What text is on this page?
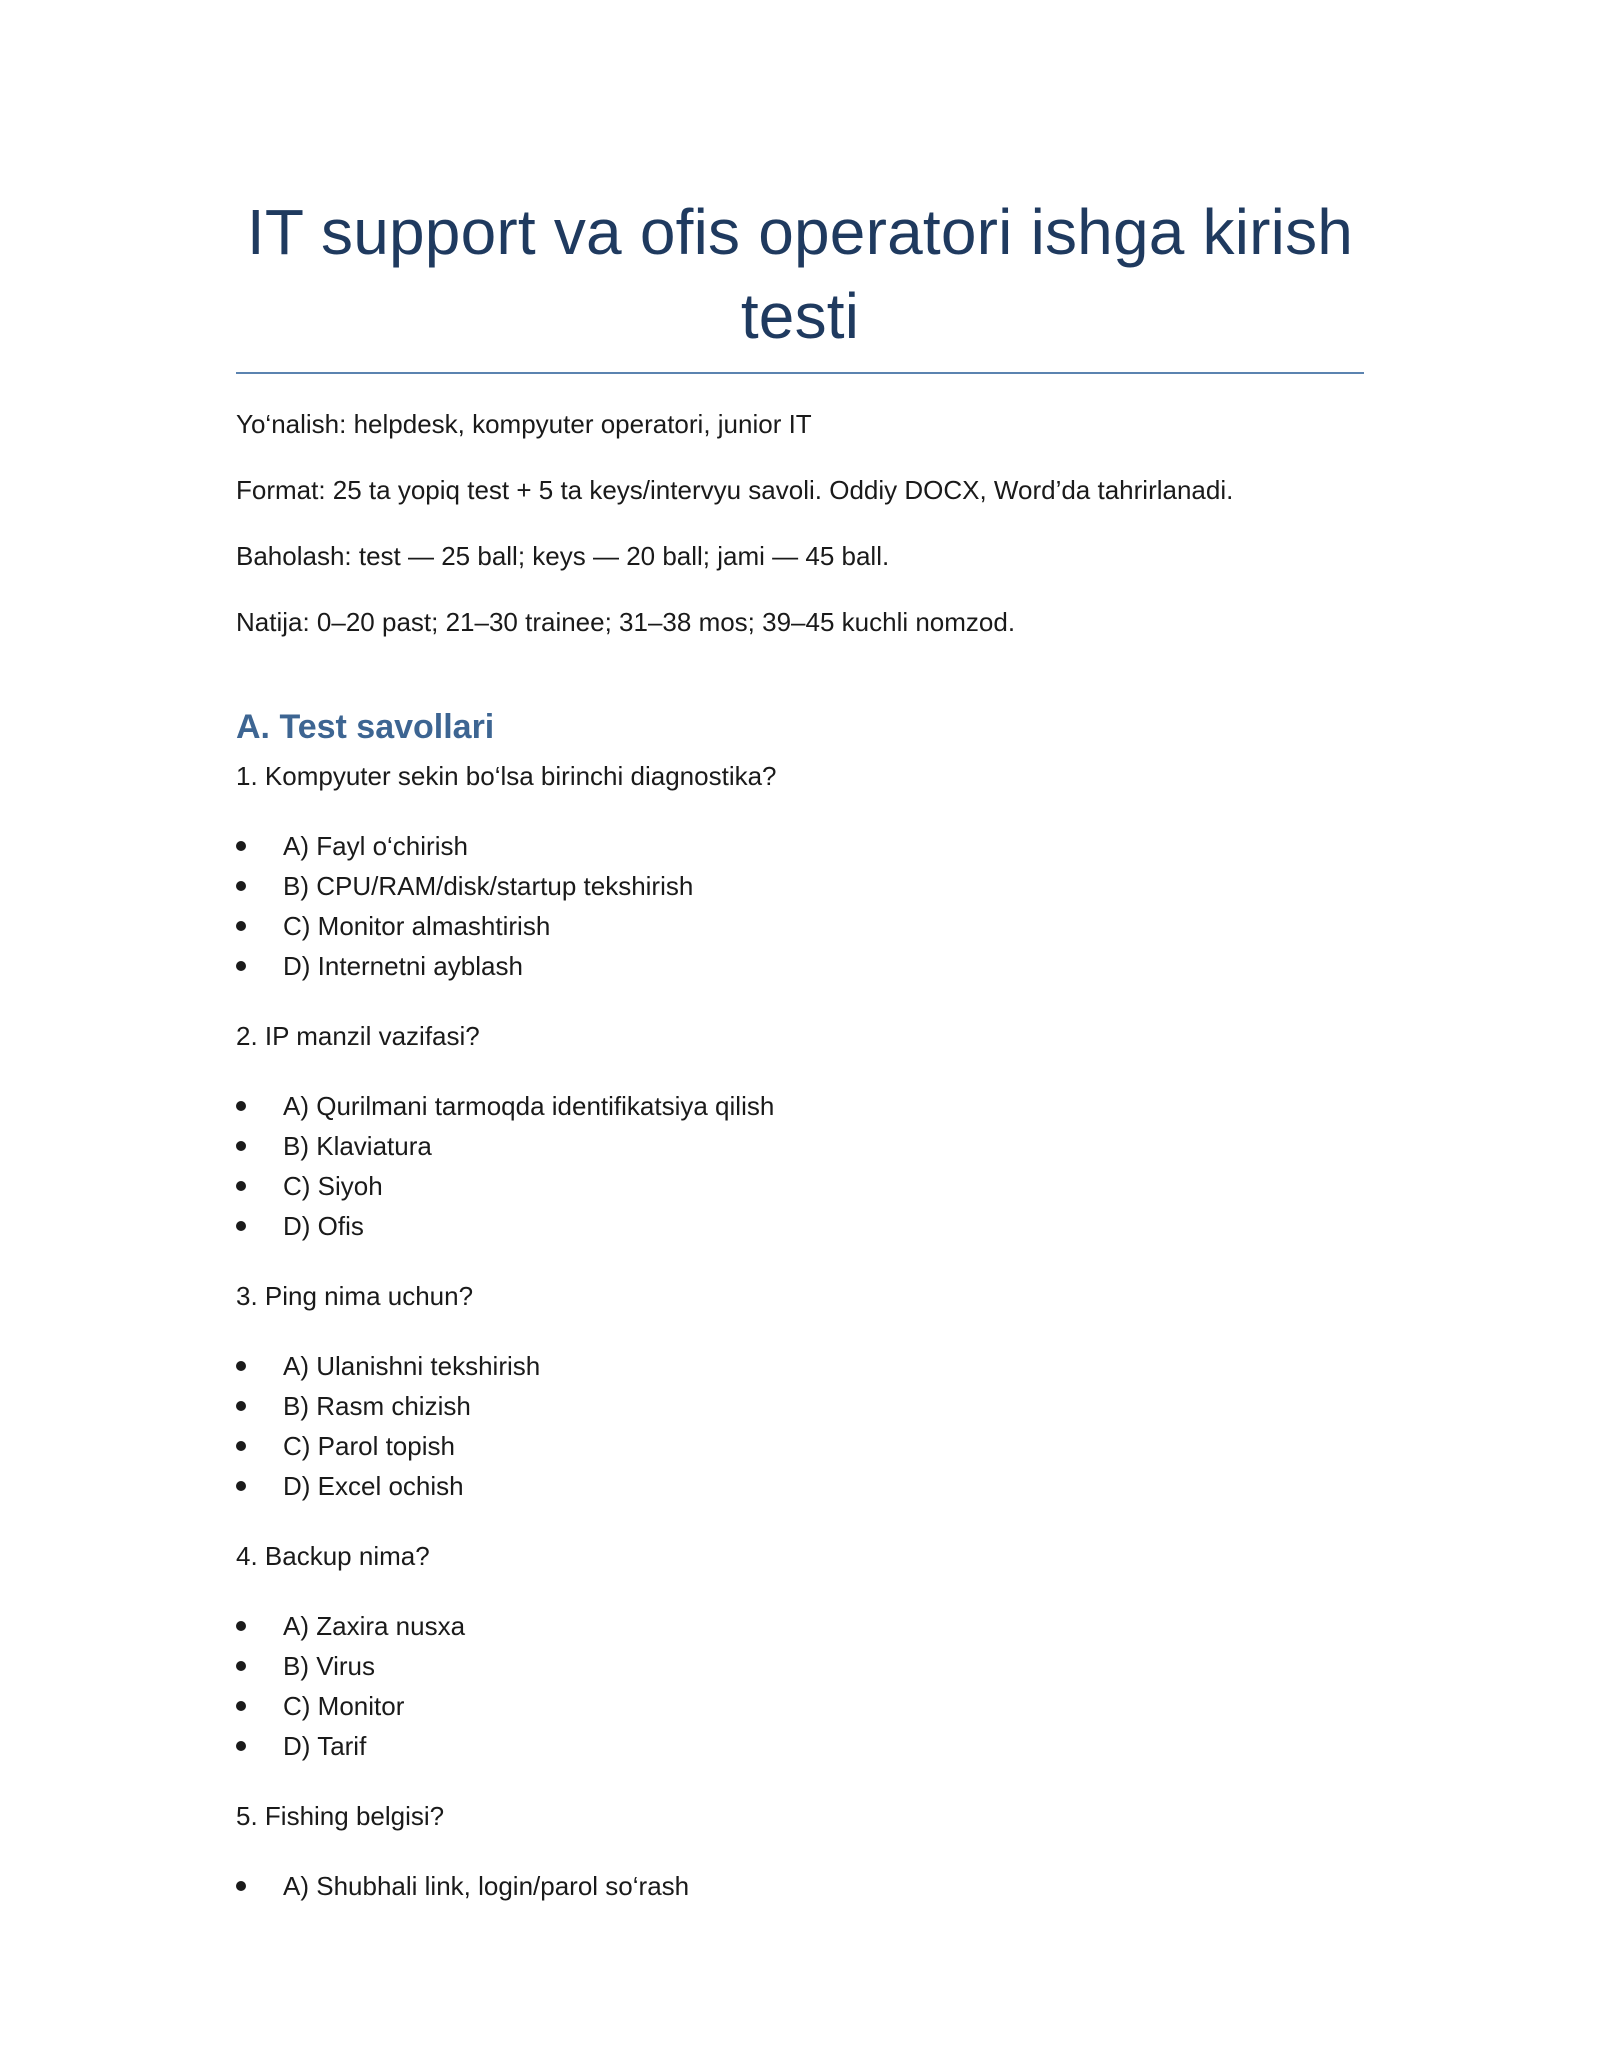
IT support va ofis operatori ishga kirish testi

Yo‘nalish: helpdesk, kompyuter operatori, junior IT

Format: 25 ta yopiq test + 5 ta keys/intervyu savoli. Oddiy DOCX, Word’da tahrirlanadi.

Baholash: test — 25 ball; keys — 20 ball; jami — 45 ball.

Natija: 0–20 past; 21–30 trainee; 31–38 mos; 39–45 kuchli nomzod.

A. Test savollari

1. Kompyuter sekin bo‘lsa birinchi diagnostika?

A) Fayl o‘chirish
B) CPU/RAM/disk/startup tekshirish
C) Monitor almashtirish
D) Internetni ayblash

2. IP manzil vazifasi?

A) Qurilmani tarmoqda identifikatsiya qilish
B) Klaviatura
C) Siyoh
D) Ofis

3. Ping nima uchun?

A) Ulanishni tekshirish
B) Rasm chizish
C) Parol topish
D) Excel ochish

4. Backup nima?

A) Zaxira nusxa
B) Virus
C) Monitor
D) Tarif

5. Fishing belgisi?

A) Shubhali link, login/parol so‘rash
